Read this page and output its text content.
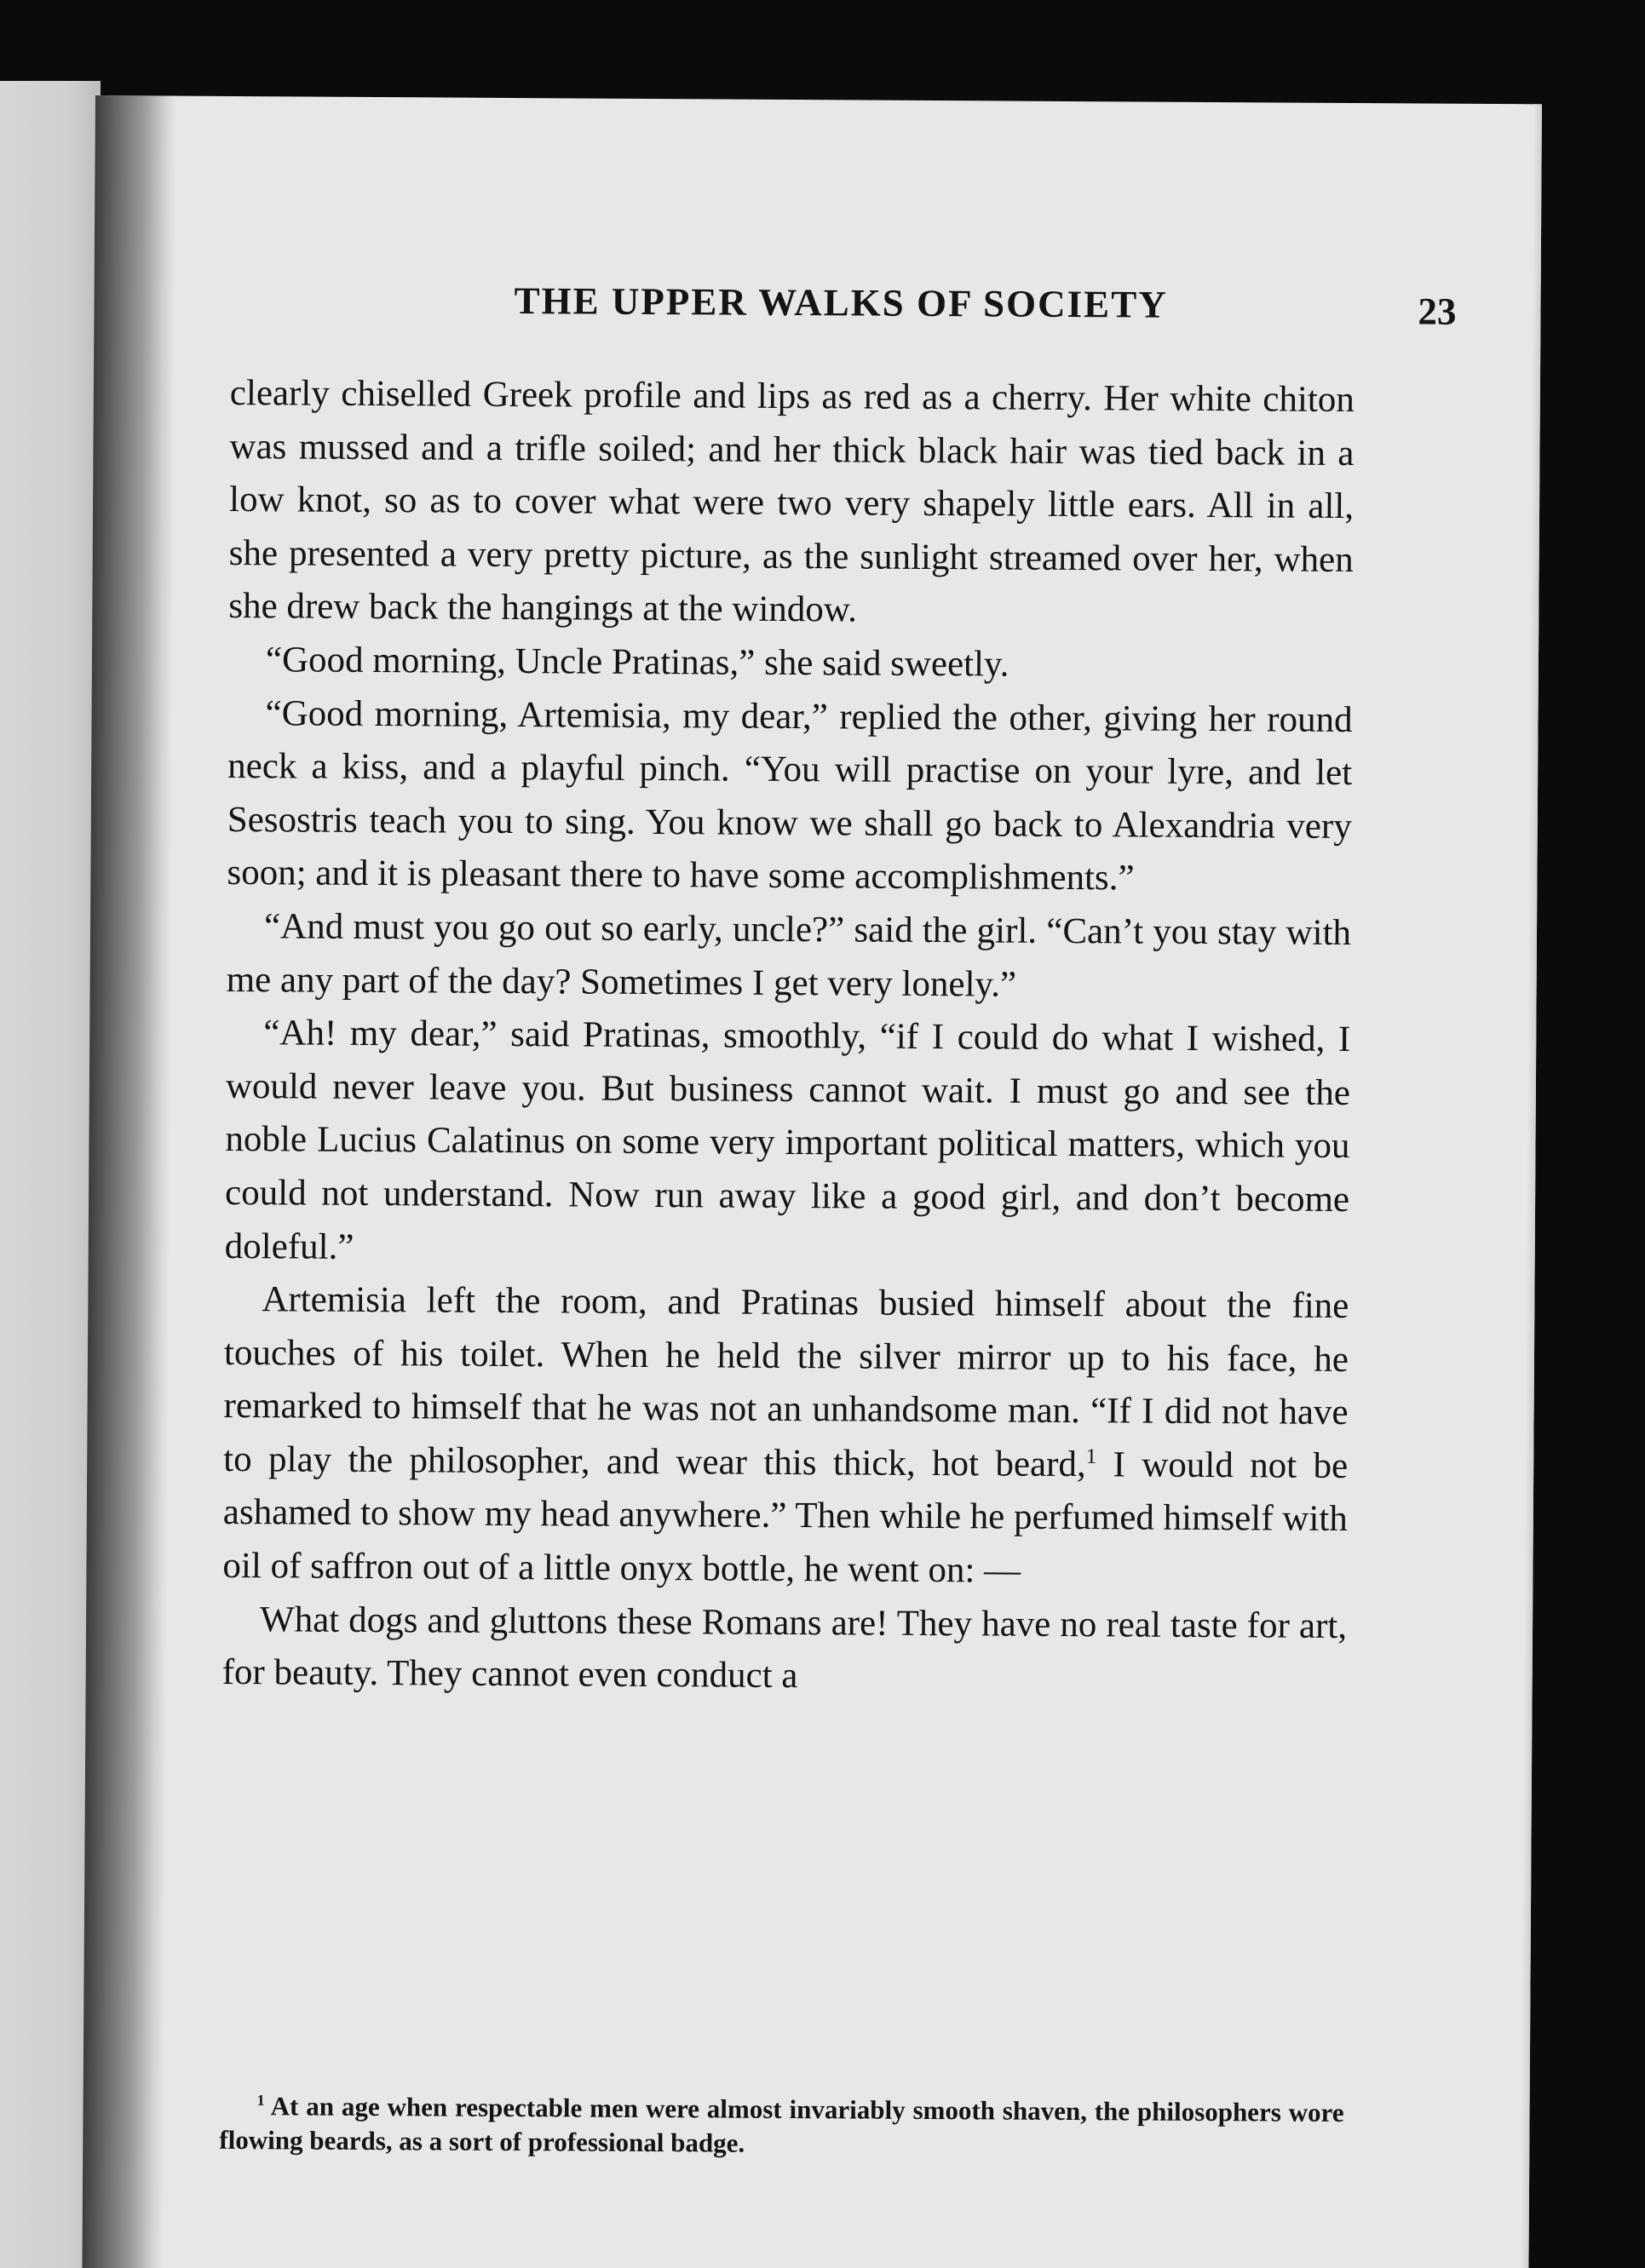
THE UPPER WALKS OF SOCIETY	23

clearly chiselled Greek profile and lips as red as a cherry. Her white chiton was mussed and a trifle soiled; and her thick black hair was tied back in a low knot, so as to cover what were two very shapely little ears. All in all, she presented a very pretty picture, as the sunlight streamed over her, when she drew back the hangings at the window.

“Good morning, Uncle Pratinas,” she said sweetly.

“Good morning, Artemisia, my dear,” replied the other, giving her round neck a kiss, and a playful pinch. “You will practise on your lyre, and let Sesostris teach you to sing. You know we shall go back to Alexandria very soon; and it is pleasant there to have some accomplishments.”

“And must you go out so early, uncle?” said the girl. “Can’t you stay with me any part of the day? Sometimes I get very lonely.”

“Ah! my dear,” said Pratinas, smoothly, “if I could do what I wished, I would never leave you. But business cannot wait. I must go and see the noble Lucius Calatinus on some very important political matters, which you could not understand. Now run away like a good girl, and don’t become doleful.”

Artemisia left the room, and Pratinas busied himself about the fine touches of his toilet. When he held the silver mirror up to his face, he remarked to himself that he was not an unhandsome man. “If I did not have to play the philosopher, and wear this thick, hot beard,$^1$ I would not be ashamed to show my head anywhere.” Then while he perfumed himself with oil of saffron out of a little onyx bottle, he went on: —

What dogs and gluttons these Romans are! They have no real taste for art, for beauty. They cannot even conduct a

$^1$ At an age when respectable men were almost invariably smooth shaven, the philosophers wore flowing beards, as a sort of professional badge.
